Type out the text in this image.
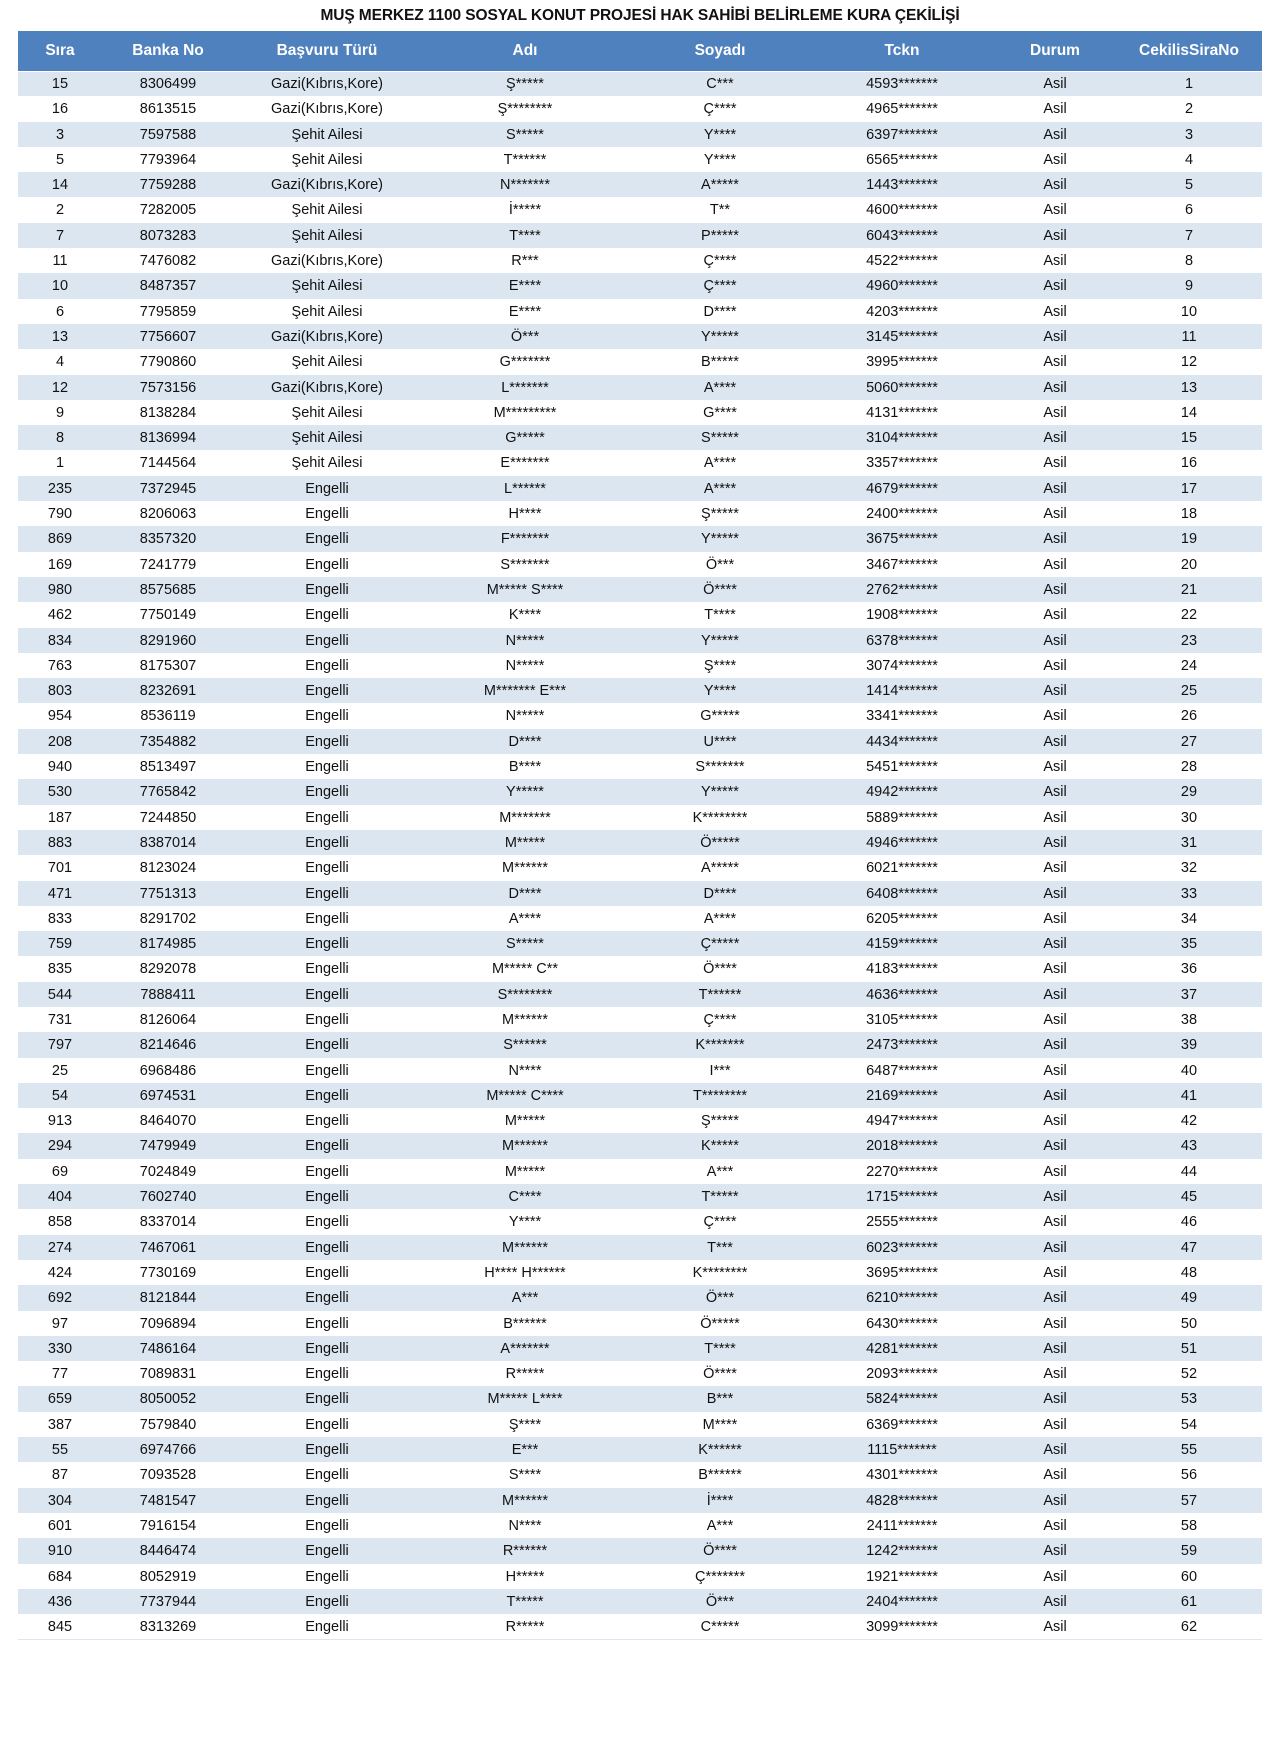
MUŞ MERKEZ 1100 SOSYAL KONUT PROJESİ HAK SAHİBİ BELİRLEME KURA ÇEKİLİŞİ
Sıra	Banka No	Başvuru Türü	Adı	Soyadı	Tckn	Durum	CekilisSiraNo
15	8306499	Gazi(Kıbrıs,Kore)	Ş*****	C***	4593*******	Asil	1
16	8613515	Gazi(Kıbrıs,Kore)	Ş********	Ç****	4965*******	Asil	2
3	7597588	Şehit Ailesi	S*****	Y****	6397*******	Asil	3
5	7793964	Şehit Ailesi	T******	Y****	6565*******	Asil	4
14	7759288	Gazi(Kıbrıs,Kore)	N*******	A*****	1443*******	Asil	5
2	7282005	Şehit Ailesi	İ*****	T**	4600*******	Asil	6
7	8073283	Şehit Ailesi	T****	P*****	6043*******	Asil	7
11	7476082	Gazi(Kıbrıs,Kore)	R***	Ç****	4522*******	Asil	8
10	8487357	Şehit Ailesi	E****	Ç****	4960*******	Asil	9
6	7795859	Şehit Ailesi	E****	D****	4203*******	Asil	10
13	7756607	Gazi(Kıbrıs,Kore)	Ö***	Y*****	3145*******	Asil	11
4	7790860	Şehit Ailesi	G*******	B*****	3995*******	Asil	12
12	7573156	Gazi(Kıbrıs,Kore)	L*******	A****	5060*******	Asil	13
9	8138284	Şehit Ailesi	M*********	G****	4131*******	Asil	14
8	8136994	Şehit Ailesi	G*****	S*****	3104*******	Asil	15
1	7144564	Şehit Ailesi	E*******	A****	3357*******	Asil	16
235	7372945	Engelli	L******	A****	4679*******	Asil	17
790	8206063	Engelli	H****	Ş*****	2400*******	Asil	18
869	8357320	Engelli	F*******	Y*****	3675*******	Asil	19
169	7241779	Engelli	S*******	Ö***	3467*******	Asil	20
980	8575685	Engelli	M***** S****	Ö****	2762*******	Asil	21
462	7750149	Engelli	K****	T****	1908*******	Asil	22
834	8291960	Engelli	N*****	Y*****	6378*******	Asil	23
763	8175307	Engelli	N*****	Ş****	3074*******	Asil	24
803	8232691	Engelli	M******* E***	Y****	1414*******	Asil	25
954	8536119	Engelli	N*****	G*****	3341*******	Asil	26
208	7354882	Engelli	D****	U****	4434*******	Asil	27
940	8513497	Engelli	B****	S*******	5451*******	Asil	28
530	7765842	Engelli	Y*****	Y*****	4942*******	Asil	29
187	7244850	Engelli	M*******	K********	5889*******	Asil	30
883	8387014	Engelli	M*****	Ö*****	4946*******	Asil	31
701	8123024	Engelli	M******	A*****	6021*******	Asil	32
471	7751313	Engelli	D****	D****	6408*******	Asil	33
833	8291702	Engelli	A****	A****	6205*******	Asil	34
759	8174985	Engelli	S*****	Ç*****	4159*******	Asil	35
835	8292078	Engelli	M***** C**	Ö****	4183*******	Asil	36
544	7888411	Engelli	S********	T******	4636*******	Asil	37
731	8126064	Engelli	M******	Ç****	3105*******	Asil	38
797	8214646	Engelli	S******	K*******	2473*******	Asil	39
25	6968486	Engelli	N****	I***	6487*******	Asil	40
54	6974531	Engelli	M***** C****	T********	2169*******	Asil	41
913	8464070	Engelli	M*****	Ş*****	4947*******	Asil	42
294	7479949	Engelli	M******	K*****	2018*******	Asil	43
69	7024849	Engelli	M*****	A***	2270*******	Asil	44
404	7602740	Engelli	C****	T*****	1715*******	Asil	45
858	8337014	Engelli	Y****	Ç****	2555*******	Asil	46
274	7467061	Engelli	M******	T***	6023*******	Asil	47
424	7730169	Engelli	H**** H******	K********	3695*******	Asil	48
692	8121844	Engelli	A***	Ö***	6210*******	Asil	49
97	7096894	Engelli	B******	Ö*****	6430*******	Asil	50
330	7486164	Engelli	A*******	T****	4281*******	Asil	51
77	7089831	Engelli	R*****	Ö****	2093*******	Asil	52
659	8050052	Engelli	M***** L****	B***	5824*******	Asil	53
387	7579840	Engelli	Ş****	M****	6369*******	Asil	54
55	6974766	Engelli	E***	K******	1115*******	Asil	55
87	7093528	Engelli	S****	B******	4301*******	Asil	56
304	7481547	Engelli	M******	İ****	4828*******	Asil	57
601	7916154	Engelli	N****	A***	2411*******	Asil	58
910	8446474	Engelli	R******	Ö****	1242*******	Asil	59
684	8052919	Engelli	H*****	Ç*******	1921*******	Asil	60
436	7737944	Engelli	T*****	Ö***	2404*******	Asil	61
845	8313269	Engelli	R*****	C*****	3099*******	Asil	62
